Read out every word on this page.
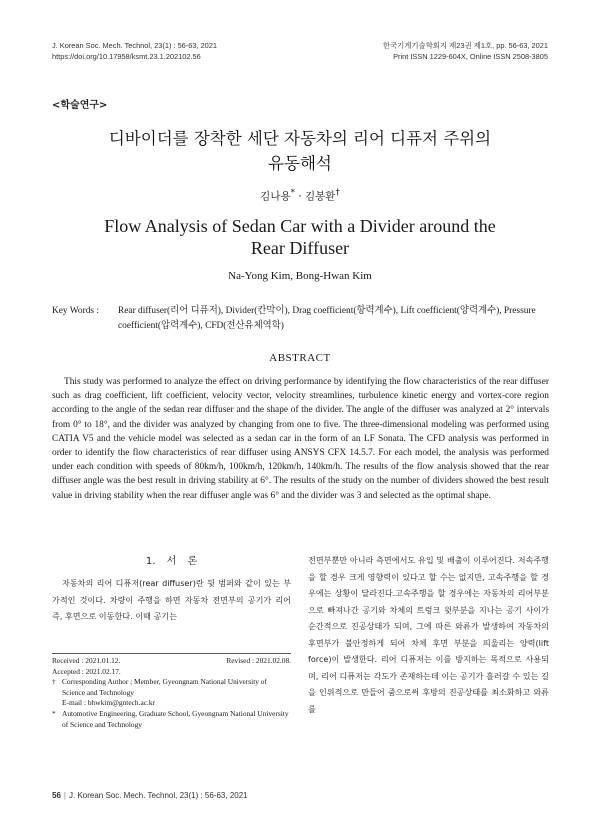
J. Korean Soc. Mech. Technol, 23(1) : 56-63, 2021
https://doi.org/10.17958/ksmt.23.1.202102.56
한국기계기술학회지 제23권 제1호, pp. 56-63, 2021
Print ISSN 1229-604X, Online ISSN 2508-3805
<학술연구>
디바이더를 장착한 세단 자동차의 리어 디퓨저 주위의
유동해석
김나용* · 김봉환†
Flow Analysis of Sedan Car with a Divider around the
Rear Diffuser
Na-Yong Kim, Bong-Hwan Kim
Key Words : Rear diffuser(리어 디퓨저), Divider(칸막이), Drag coefficient(항력계수), Lift coefficient(양력계수), Pressure coefficient(압력계수), CFD(전산유체역학)
ABSTRACT

This study was performed to analyze the effect on driving performance by identifying the flow characteristics of the rear diffuser such as drag coefficient, lift coefficient, velocity vector, velocity streamlines, turbulence kinetic energy and vortex-core region according to the angle of the sedan rear diffuser and the shape of the divider. The angle of the diffuser was analyzed at 2° intervals from 0° to 18°, and the divider was analyzed by changing from one to five. The three-dimensional modeling was performed using CATIA V5 and the vehicle model was selected as a sedan car in the form of an LF Sonata. The CFD analysis was performed in order to identify the flow characteristics of rear diffuser using ANSYS CFX 14.5.7. For each model, the analysis was performed under each condition with speeds of 80km/h, 100km/h, 120km/h, 140km/h. The results of the flow analysis showed that the rear diffuser angle was the best result in driving stability at 6°. The results of the study on the number of dividers showed the best result value in driving stability when the rear diffuser angle was 6° and the divider was 3 and selected as the optimal shape.

1. 서 론

자동차의 리어 디퓨저(rear diffuser)란 뒷 범퍼와 같이 있는 부가적인 것이다. 차량이 주행을 하면 자동차 전면부의 공기가 리어 즉, 후면으로 이동한다. 이때 공기는

Received : 2021.01.12.	Revised : 2021.02.08.
Accepted : 2021.02.17.
† Corresponding Author ; Member, Gyeongnam National University of Science and Technology
E-mail : bhwkim@gntech.ac.kr
* Automotive Engineering, Graduate School, Gyeongnam National University of Science and Technology

전면부뿐만 아니라 측면에서도 유입 및 배출이 이루어진다. 저속주행을 할 경우 크게 영향력이 있다고 할 수는 없지만, 고속주행을 할 경우에는 상황이 달라진다.고속주행을 할 경우에는 자동차의 리어부분으로 빠져나간 공기와 차체의 트렁크 윗부분을 지나는 공기 사이가 순간적으로 진공상태가 되며, 그에 따른 와류가 발생하여 자동차의 후면부가 불안정하게 되어 차체 후면 부분을 띄울리는 양력(lift force)이 발생한다. 리어 디퓨저는 이를 방지하는 목적으로 사용되며, 리어 디퓨저는 각도가 존재하는데 이는 공기가 흘러갈 수 있는 길을 인위적으로 만들어 줌으로써 후방의 진공상태를 최소화하고 와류를

56 | J. Korean Soc. Mech. Technol, 23(1) : 56-63, 2021
